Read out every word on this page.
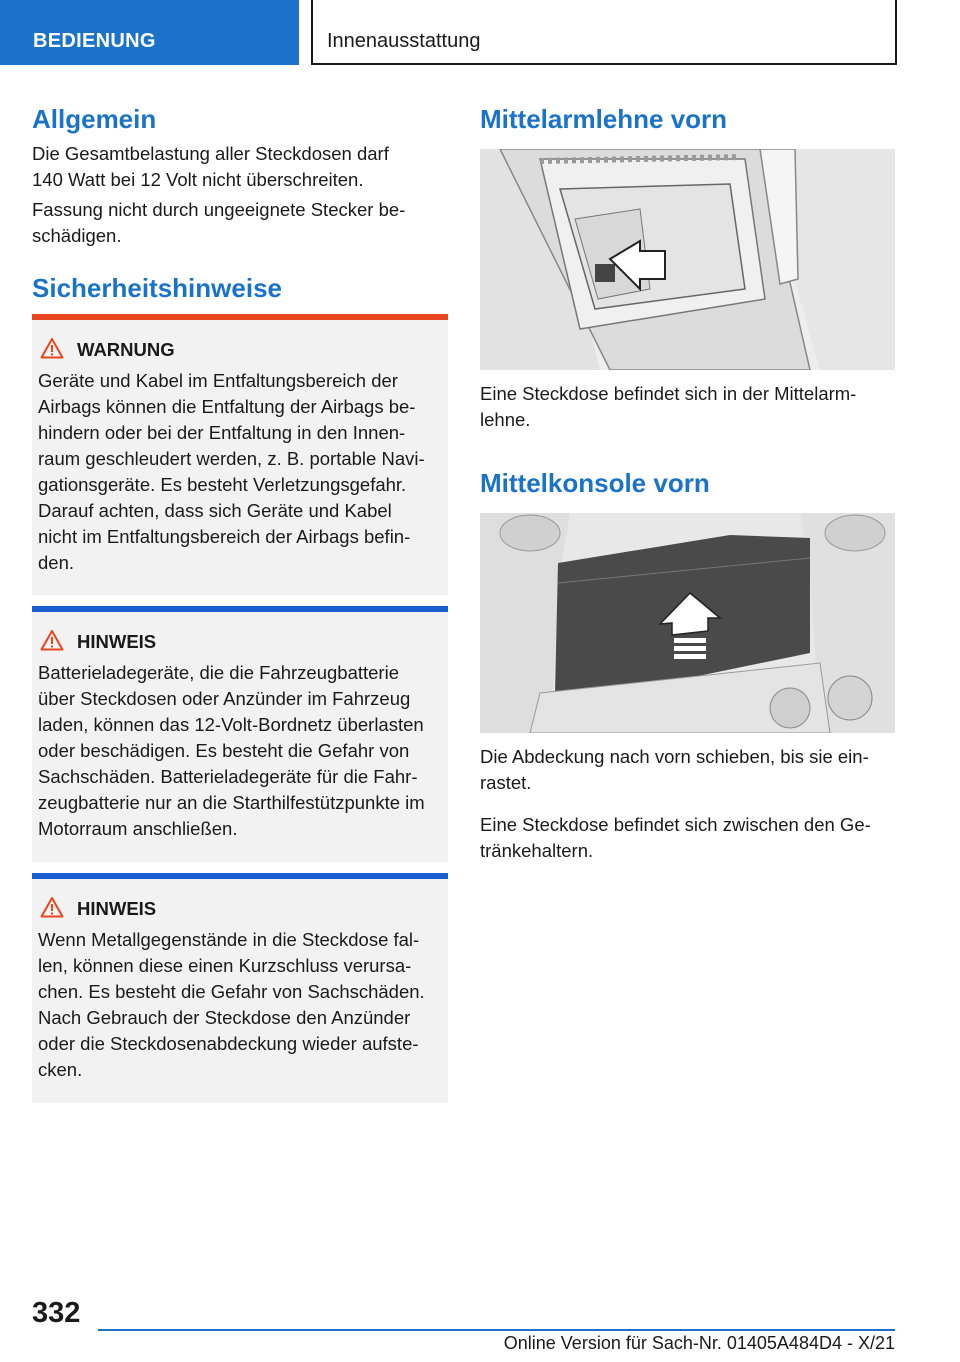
BEDIENUNG	Innenausstattung
Allgemein

Die Gesamtbelastung aller Steckdosen darf
140 Watt bei 12 Volt nicht überschreiten.

Fassung nicht durch ungeeignete Stecker be-
schädigen.

Sicherheitshinweise
WARNUNG

Geräte und Kabel im Entfaltungsbereich der
Airbags können die Entfaltung der Airbags be-
hindern oder bei der Entfaltung in den Innen-
raum geschleudert werden, z. B. portable Navi-
gationsgeräte. Es besteht Verletzungsgefahr.
Darauf achten, dass sich Geräte und Kabel
nicht im Entfaltungsbereich der Airbags befin-
den.

HINWEIS

Batterieladegeräte, die die Fahrzeugbatterie
über Steckdosen oder Anzünder im Fahrzeug
laden, können das 12-Volt-Bordnetz überlasten
oder beschädigen. Es besteht die Gefahr von
Sachschäden. Batterieladegeräte für die Fahr-
zeugbatterie nur an die Starthilfestützpunkte im
Motorraum anschließen.

HINWEIS

Wenn Metallgegenstände in die Steckdose fal-
len, können diese einen Kurzschluss verursa-
chen. Es besteht die Gefahr von Sachschäden.
Nach Gebrauch der Steckdose den Anzünder
oder die Steckdosenabdeckung wieder aufste-
cken.

Mittelarmlehne vorn

Eine Steckdose befindet sich in der Mittelarm-
lehne.

Mittelkonsole vorn

Die Abdeckung nach vorn schieben, bis sie ein-
rastet.

Eine Steckdose befindet sich zwischen den Ge-
tränkehaltern.

332
Online Version für Sach-Nr. 01405A484D4 - X/21
